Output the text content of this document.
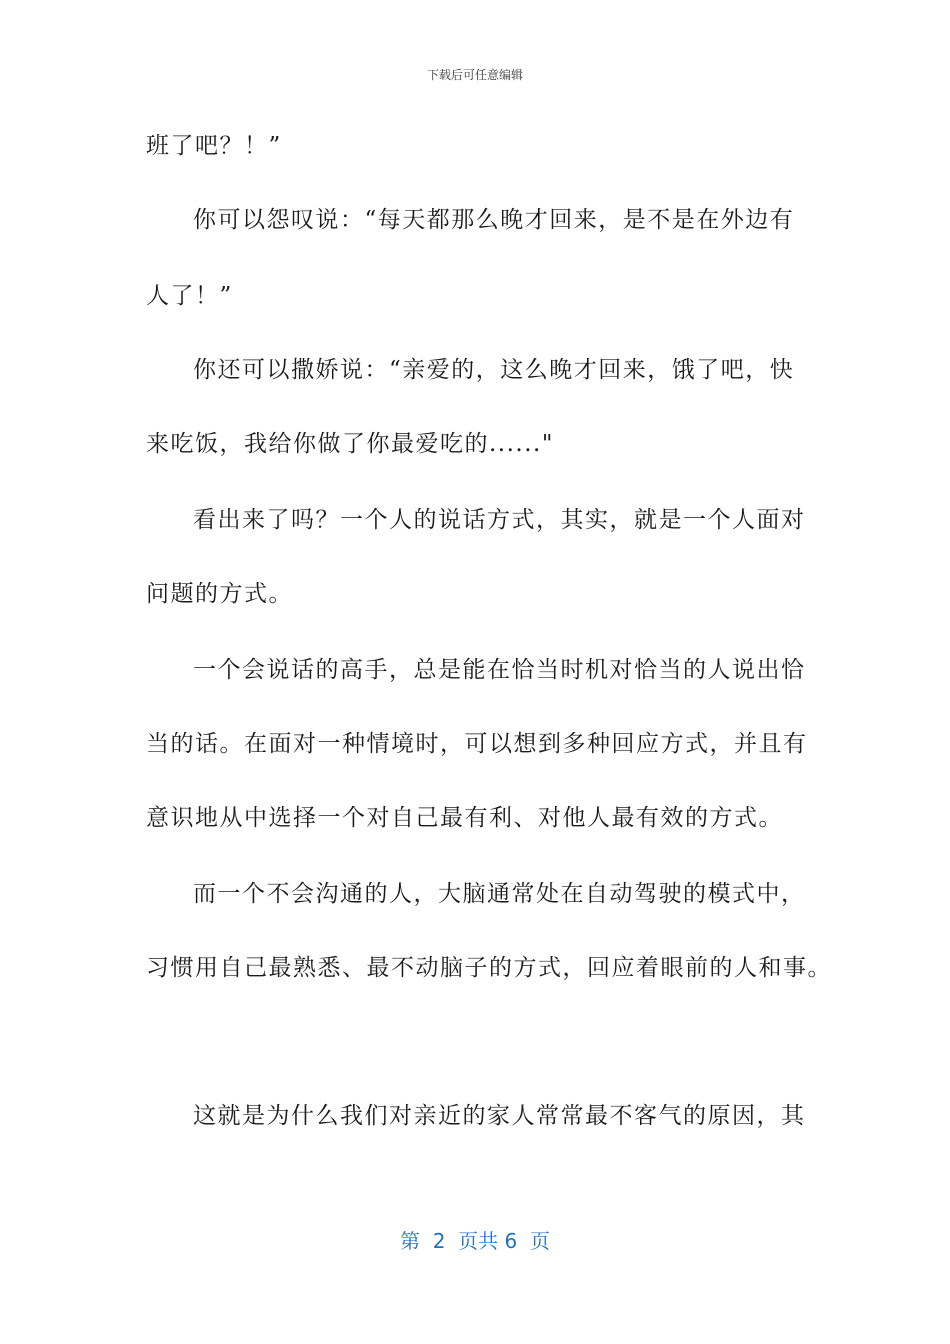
下载后可任意编辑
班了吧？！”
你可以怨叹说：“每天都那么晚才回来，是不是在外边有
人了！”
你还可以撒娇说：“亲爱的，这么晚才回来，饿了吧，快
来吃饭，我给你做了你最爱吃的......"
看出来了吗？一个人的说话方式，其实，就是一个人面对
问题的方式。
一个会说话的高手，总是能在恰当时机对恰当的人说出恰
当的话。在面对一种情境时，可以想到多种回应方式，并且有
意识地从中选择一个对自己最有利、对他人最有效的方式。
而一个不会沟通的人，大脑通常处在自动驾驶的模式中，
习惯用自己最熟悉、最不动脑子的方式，回应着眼前的人和事。
这就是为什么我们对亲近的家人常常最不客气的原因，其
第  2  页共 6  页
